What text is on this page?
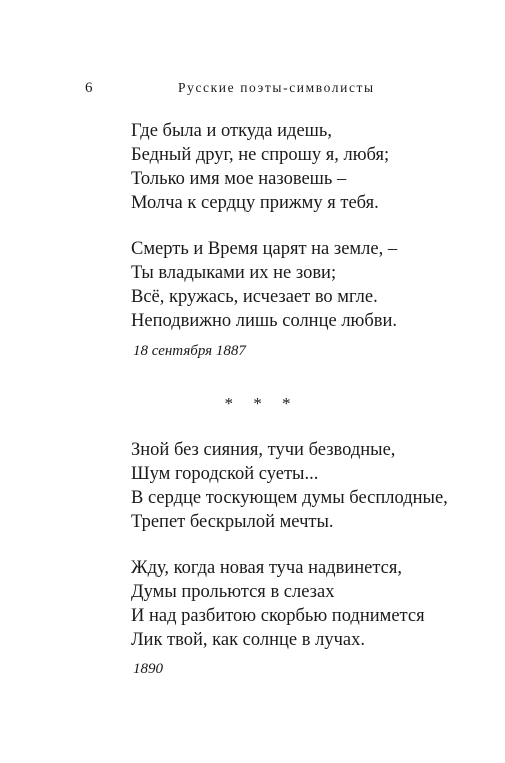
6	Русские поэты-символисты
Где была и откуда идешь,
Бедный друг, не спрошу я, любя;
Только имя мое назовешь –
Молча к сердцу прижму я тебя.
Смерть и Время царят на земле, –
Ты владыками их не зови;
Всё, кружась, исчезает во мгле.
Неподвижно лишь солнце любви.
18 сентября 1887
* * *
Зной без сияния, тучи безводные,
Шум городской суеты...
В сердце тоскующем думы бесплодные,
Трепет бескрылой мечты.
Жду, когда новая туча надвинется,
Думы прольются в слезах
И над разбитою скорбью поднимется
Лик твой, как солнце в лучах.
1890
